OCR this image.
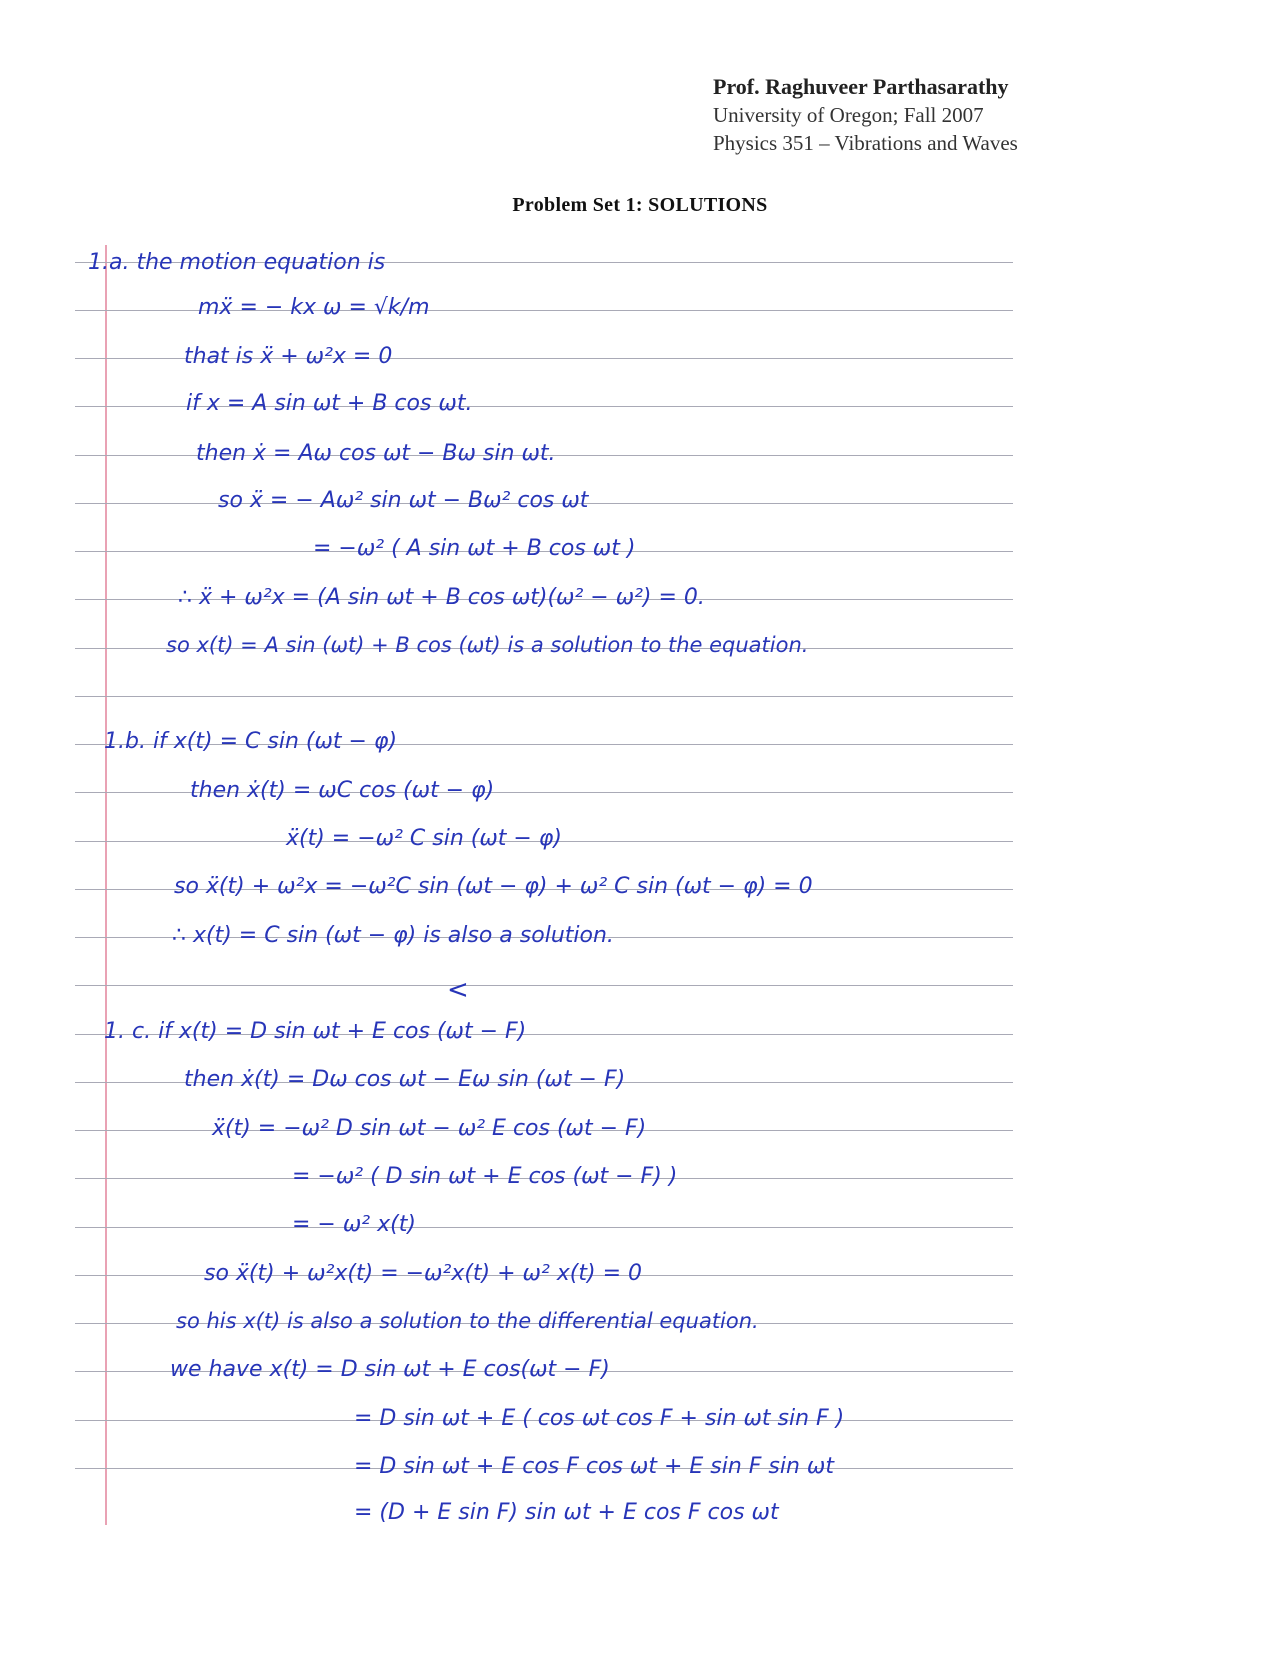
Prof. Raghuveer Parthasarathy
University of Oregon; Fall 2007
Physics 351 – Vibrations and Waves
Problem Set 1: SOLUTIONS
1.a. the motion equation is
mẍ = − kx ω = √k/m
that is ẍ + ω²x = 0
if x = A sin ωt + B cos ωt.
then ẋ = Aω cos ωt − Bω sin ωt.
so ẍ = − Aω² sin ωt − Bω² cos ωt
= −ω² ( A sin ωt + B cos ωt )
∴ ẍ + ω²x = (A sin ωt + B cos ωt)(ω² − ω²) = 0.
so x(t) = A sin (ωt) + B cos (ωt) is a solution to the equation.
1.b. if x(t) = C sin (ωt − φ)
then ẋ(t) = ωC cos (ωt − φ)
ẍ(t) = −ω² C sin (ωt − φ)
so ẍ(t) + ω²x = −ω²C sin (ωt − φ) + ω² C sin (ωt − φ) = 0
∴ x(t) = C sin (ωt − φ) is also a solution.
<
1. c. if x(t) = D sin ωt + E cos (ωt − F)
then ẋ(t) = Dω cos ωt − Eω sin (ωt − F)
ẍ(t) = −ω² D sin ωt − ω² E cos (ωt − F)
= −ω² ( D sin ωt + E cos (ωt − F) )
= − ω² x(t)
so ẍ(t) + ω²x(t) = −ω²x(t) + ω² x(t) = 0
so his x(t) is also a solution to the differential equation.
we have x(t) = D sin ωt + E cos(ωt − F)
= D sin ωt + E ( cos ωt cos F + sin ωt sin F )
= D sin ωt + E cos F cos ωt + E sin F sin ωt
= (D + E sin F) sin ωt + E cos F cos ωt
